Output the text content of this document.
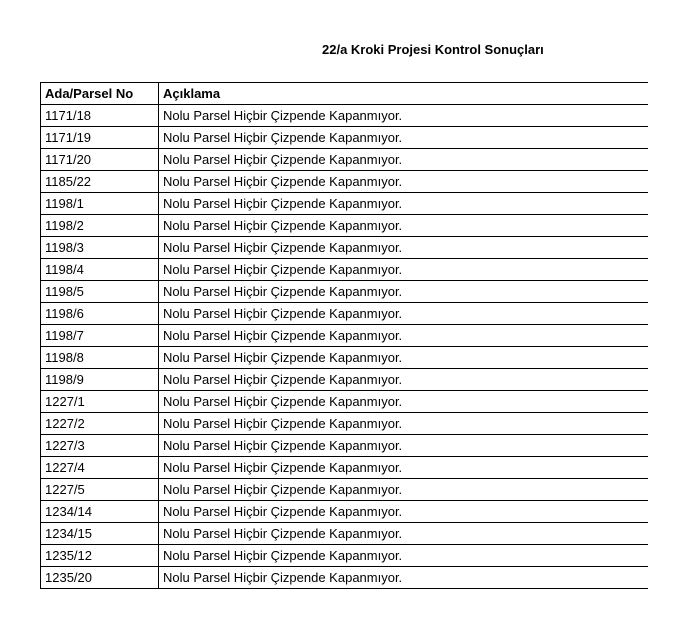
22/a Kroki Projesi Kontrol Sonuçları
Ada/Parsel No	Açıklama
1171/18	Nolu Parsel Hiçbir Çizpende Kapanmıyor.
1171/19	Nolu Parsel Hiçbir Çizpende Kapanmıyor.
1171/20	Nolu Parsel Hiçbir Çizpende Kapanmıyor.
1185/22	Nolu Parsel Hiçbir Çizpende Kapanmıyor.
1198/1	Nolu Parsel Hiçbir Çizpende Kapanmıyor.
1198/2	Nolu Parsel Hiçbir Çizpende Kapanmıyor.
1198/3	Nolu Parsel Hiçbir Çizpende Kapanmıyor.
1198/4	Nolu Parsel Hiçbir Çizpende Kapanmıyor.
1198/5	Nolu Parsel Hiçbir Çizpende Kapanmıyor.
1198/6	Nolu Parsel Hiçbir Çizpende Kapanmıyor.
1198/7	Nolu Parsel Hiçbir Çizpende Kapanmıyor.
1198/8	Nolu Parsel Hiçbir Çizpende Kapanmıyor.
1198/9	Nolu Parsel Hiçbir Çizpende Kapanmıyor.
1227/1	Nolu Parsel Hiçbir Çizpende Kapanmıyor.
1227/2	Nolu Parsel Hiçbir Çizpende Kapanmıyor.
1227/3	Nolu Parsel Hiçbir Çizpende Kapanmıyor.
1227/4	Nolu Parsel Hiçbir Çizpende Kapanmıyor.
1227/5	Nolu Parsel Hiçbir Çizpende Kapanmıyor.
1234/14	Nolu Parsel Hiçbir Çizpende Kapanmıyor.
1234/15	Nolu Parsel Hiçbir Çizpende Kapanmıyor.
1235/12	Nolu Parsel Hiçbir Çizpende Kapanmıyor.
1235/20	Nolu Parsel Hiçbir Çizpende Kapanmıyor.
